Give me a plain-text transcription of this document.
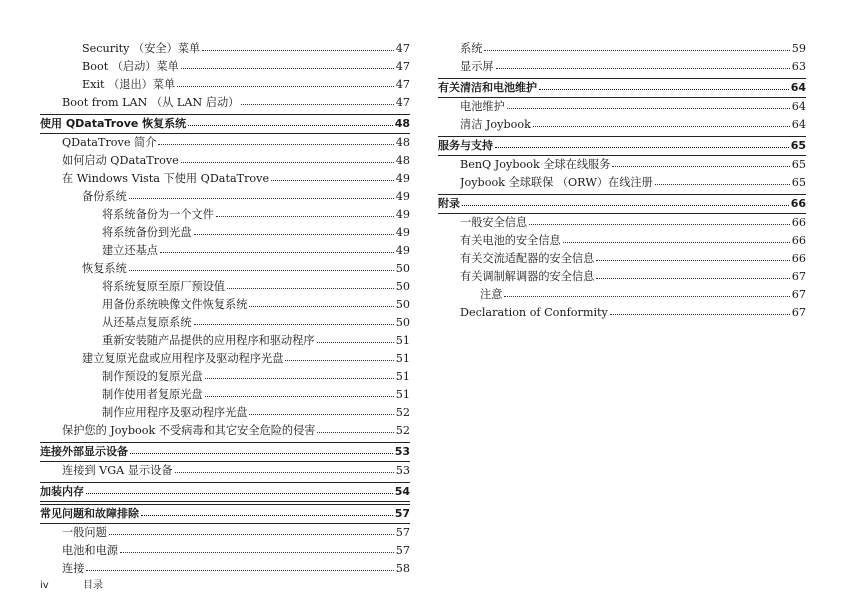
Security （安全）菜单	47
Boot （启动）菜单	47
Exit （退出）菜单	47
Boot from LAN （从 LAN 启动）	47
使用 QDataTrove 恢复系统	48
QDataTrove 简介	48
如何启动 QDataTrove	48
在 Windows Vista 下使用 QDataTrove	49
备份系统	49
将系统备份为一个文件	49
将系统备份到光盘	49
建立还基点	49
恢复系统	50
将系统复原至原厂预设值	50
用备份系统映像文件恢复系统	50
从还基点复原系统	50
重新安装随产品提供的应用程序和驱动程序	51
建立复原光盘或应用程序及驱动程序光盘	51
制作预设的复原光盘	51
制作使用者复原光盘	51
制作应用程序及驱动程序光盘	52
保护您的 Joybook 不受病毒和其它安全危险的侵害	52
连接外部显示设备	53
连接到 VGA 显示设备	53
加装内存	54
常见问题和故障排除	57
一般问题	57
电池和电源	57
连接	58
系统	59
显示屏	63
有关清洁和电池维护	64
电池维护	64
清洁 Joybook	64
服务与支持	65
BenQ Joybook 全球在线服务	65
Joybook 全球联保 （ORW）在线注册	65
附录	66
一般安全信息	66
有关电池的安全信息	66
有关交流适配器的安全信息	66
有关调制解调器的安全信息	67
注意	67
Declaration of Conformity	67
iv	目录
